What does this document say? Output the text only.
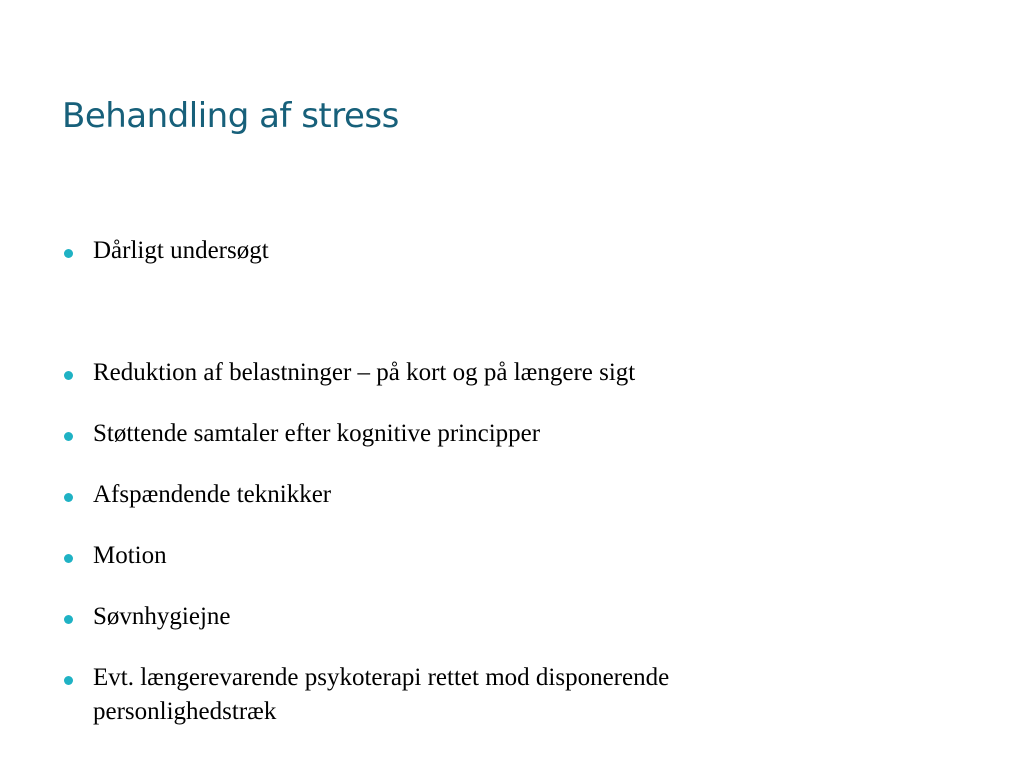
Behandling af stress
Dårligt undersøgt
Reduktion af belastninger – på kort og på længere sigt
Støttende samtaler efter kognitive principper
Afspændende teknikker
Motion
Søvnhygiejne
Evt. længerevarende psykoterapi rettet mod disponerende personlighedstræk
